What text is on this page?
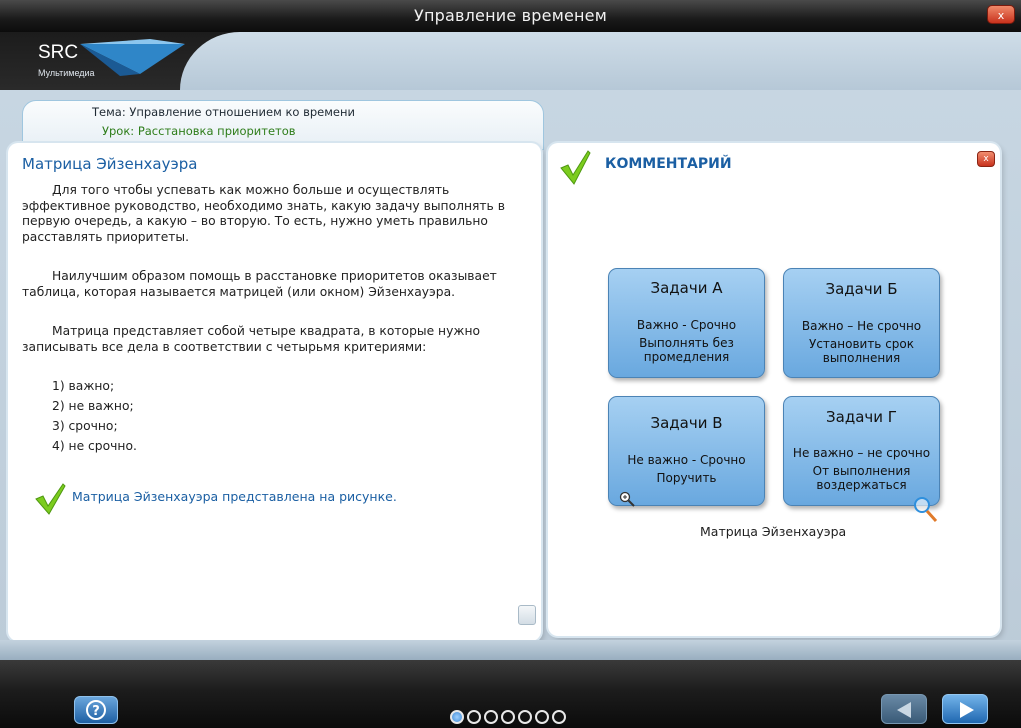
Управление временем	x
SRC
Мультимедиа
Тема: Управление отношением ко времени
Урок: Расстановка приоритетов
Матрица Эйзенхауэра

Для того чтобы успевать как можно больше и осуществлять эффективное руководство, необходимо знать, какую задачу выполнять в первую очередь, а какую – во вторую. То есть, нужно уметь правильно расставлять приоритеты.

Наилучшим образом помощь в расстановке приоритетов оказывает таблица, которая называется матрицей (или окном) Эйзенхауэра.

Матрица представляет собой четыре квадрата, в которые нужно записывать все дела в соответствии с четырьмя критериями:

1) важно;
2) не важно;
3) срочно;
4) не срочно.
Матрица Эйзенхауэра представлена на рисунке.
КОММЕНТАРИЙ	x
Задачи А
Важно - Срочно
Выполнять без
промедления
Задачи Б
Важно – Не срочно
Установить срок
выполнения
Задачи В
Не важно - Срочно
Поручить
Задачи Г
Не важно – не срочно
От выполнения
воздержаться
Матрица Эйзенхауэра
?
